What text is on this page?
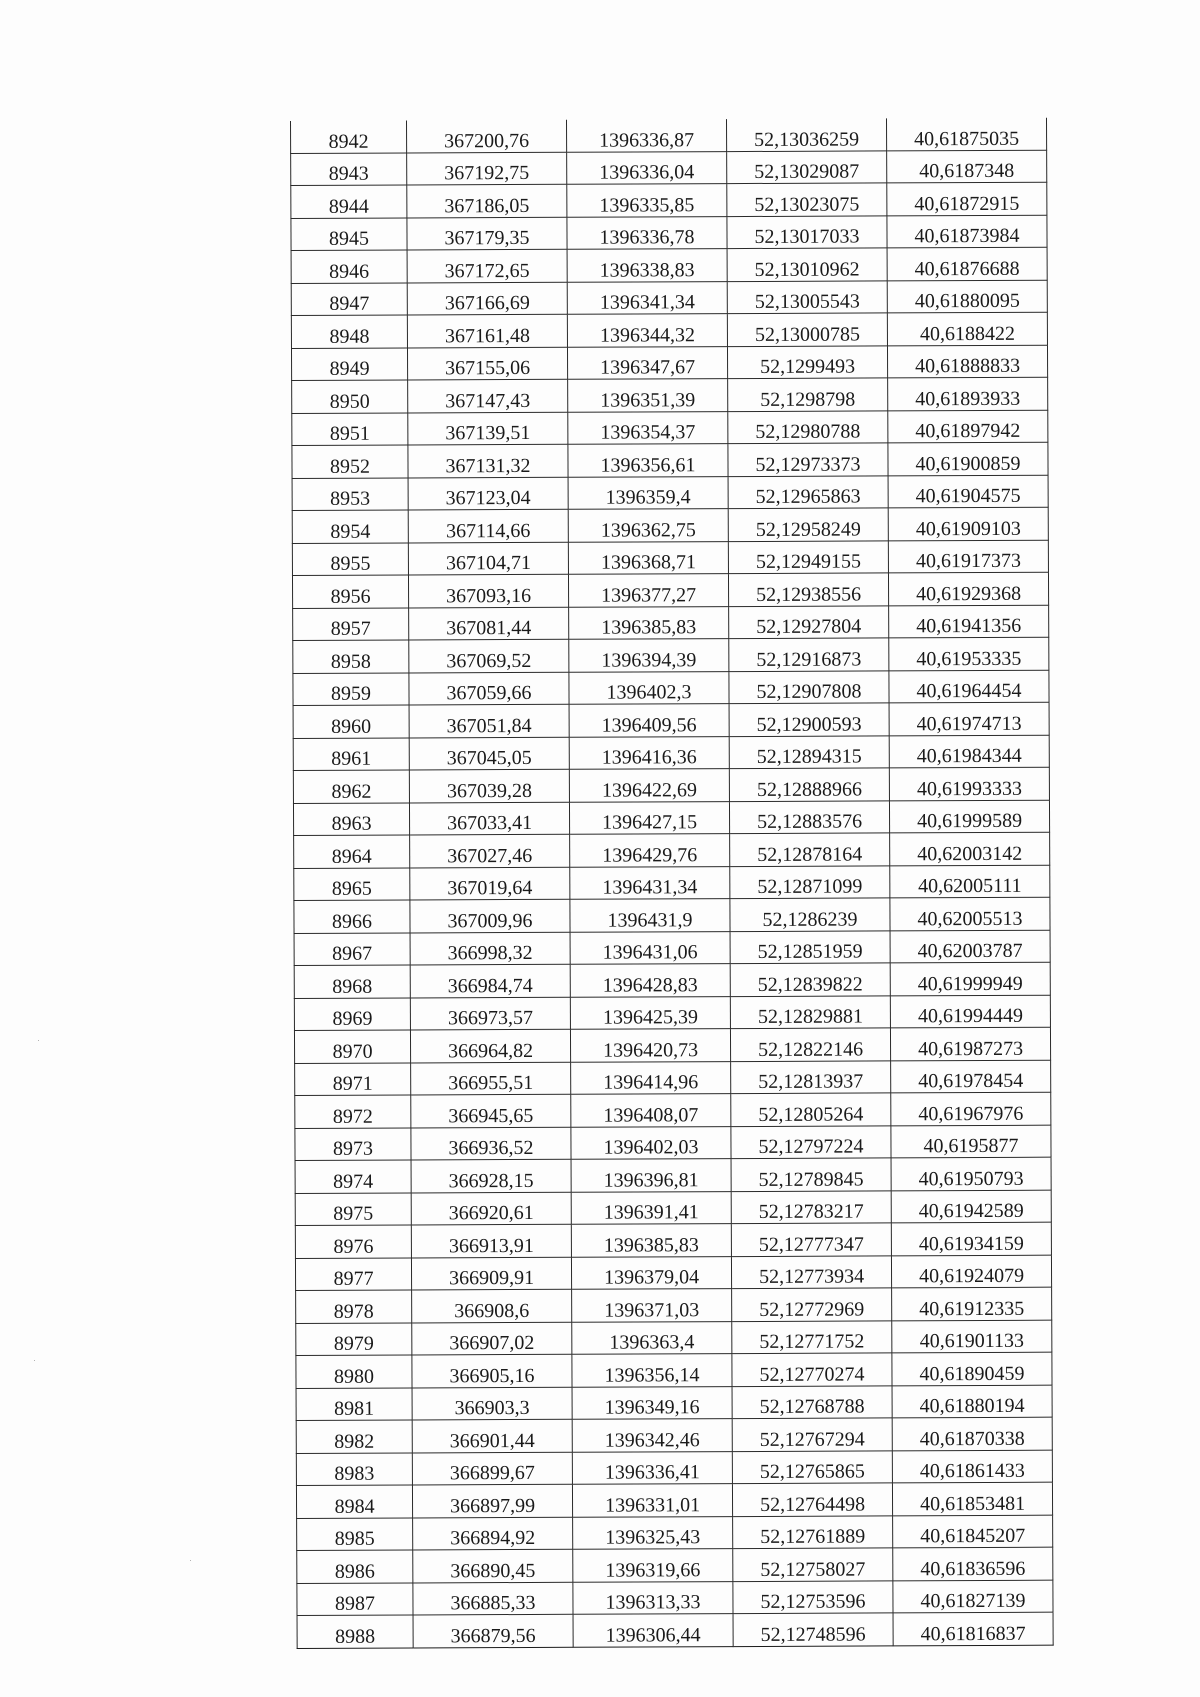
8942	367200,76	1396336,87	52,13036259	40,61875035
8943	367192,75	1396336,04	52,13029087	40,6187348
8944	367186,05	1396335,85	52,13023075	40,61872915
8945	367179,35	1396336,78	52,13017033	40,61873984
8946	367172,65	1396338,83	52,13010962	40,61876688
8947	367166,69	1396341,34	52,13005543	40,61880095
8948	367161,48	1396344,32	52,13000785	40,6188422
8949	367155,06	1396347,67	52,1299493	40,61888833
8950	367147,43	1396351,39	52,1298798	40,61893933
8951	367139,51	1396354,37	52,12980788	40,61897942
8952	367131,32	1396356,61	52,12973373	40,61900859
8953	367123,04	1396359,4	52,12965863	40,61904575
8954	367114,66	1396362,75	52,12958249	40,61909103
8955	367104,71	1396368,71	52,12949155	40,61917373
8956	367093,16	1396377,27	52,12938556	40,61929368
8957	367081,44	1396385,83	52,12927804	40,61941356
8958	367069,52	1396394,39	52,12916873	40,61953335
8959	367059,66	1396402,3	52,12907808	40,61964454
8960	367051,84	1396409,56	52,12900593	40,61974713
8961	367045,05	1396416,36	52,12894315	40,61984344
8962	367039,28	1396422,69	52,12888966	40,61993333
8963	367033,41	1396427,15	52,12883576	40,61999589
8964	367027,46	1396429,76	52,12878164	40,62003142
8965	367019,64	1396431,34	52,12871099	40,62005111
8966	367009,96	1396431,9	52,1286239	40,62005513
8967	366998,32	1396431,06	52,12851959	40,62003787
8968	366984,74	1396428,83	52,12839822	40,61999949
8969	366973,57	1396425,39	52,12829881	40,61994449
8970	366964,82	1396420,73	52,12822146	40,61987273
8971	366955,51	1396414,96	52,12813937	40,61978454
8972	366945,65	1396408,07	52,12805264	40,61967976
8973	366936,52	1396402,03	52,12797224	40,6195877
8974	366928,15	1396396,81	52,12789845	40,61950793
8975	366920,61	1396391,41	52,12783217	40,61942589
8976	366913,91	1396385,83	52,12777347	40,61934159
8977	366909,91	1396379,04	52,12773934	40,61924079
8978	366908,6	1396371,03	52,12772969	40,61912335
8979	366907,02	1396363,4	52,12771752	40,61901133
8980	366905,16	1396356,14	52,12770274	40,61890459
8981	366903,3	1396349,16	52,12768788	40,61880194
8982	366901,44	1396342,46	52,12767294	40,61870338
8983	366899,67	1396336,41	52,12765865	40,61861433
8984	366897,99	1396331,01	52,12764498	40,61853481
8985	366894,92	1396325,43	52,12761889	40,61845207
8986	366890,45	1396319,66	52,12758027	40,61836596
8987	366885,33	1396313,33	52,12753596	40,61827139
8988	366879,56	1396306,44	52,12748596	40,61816837
